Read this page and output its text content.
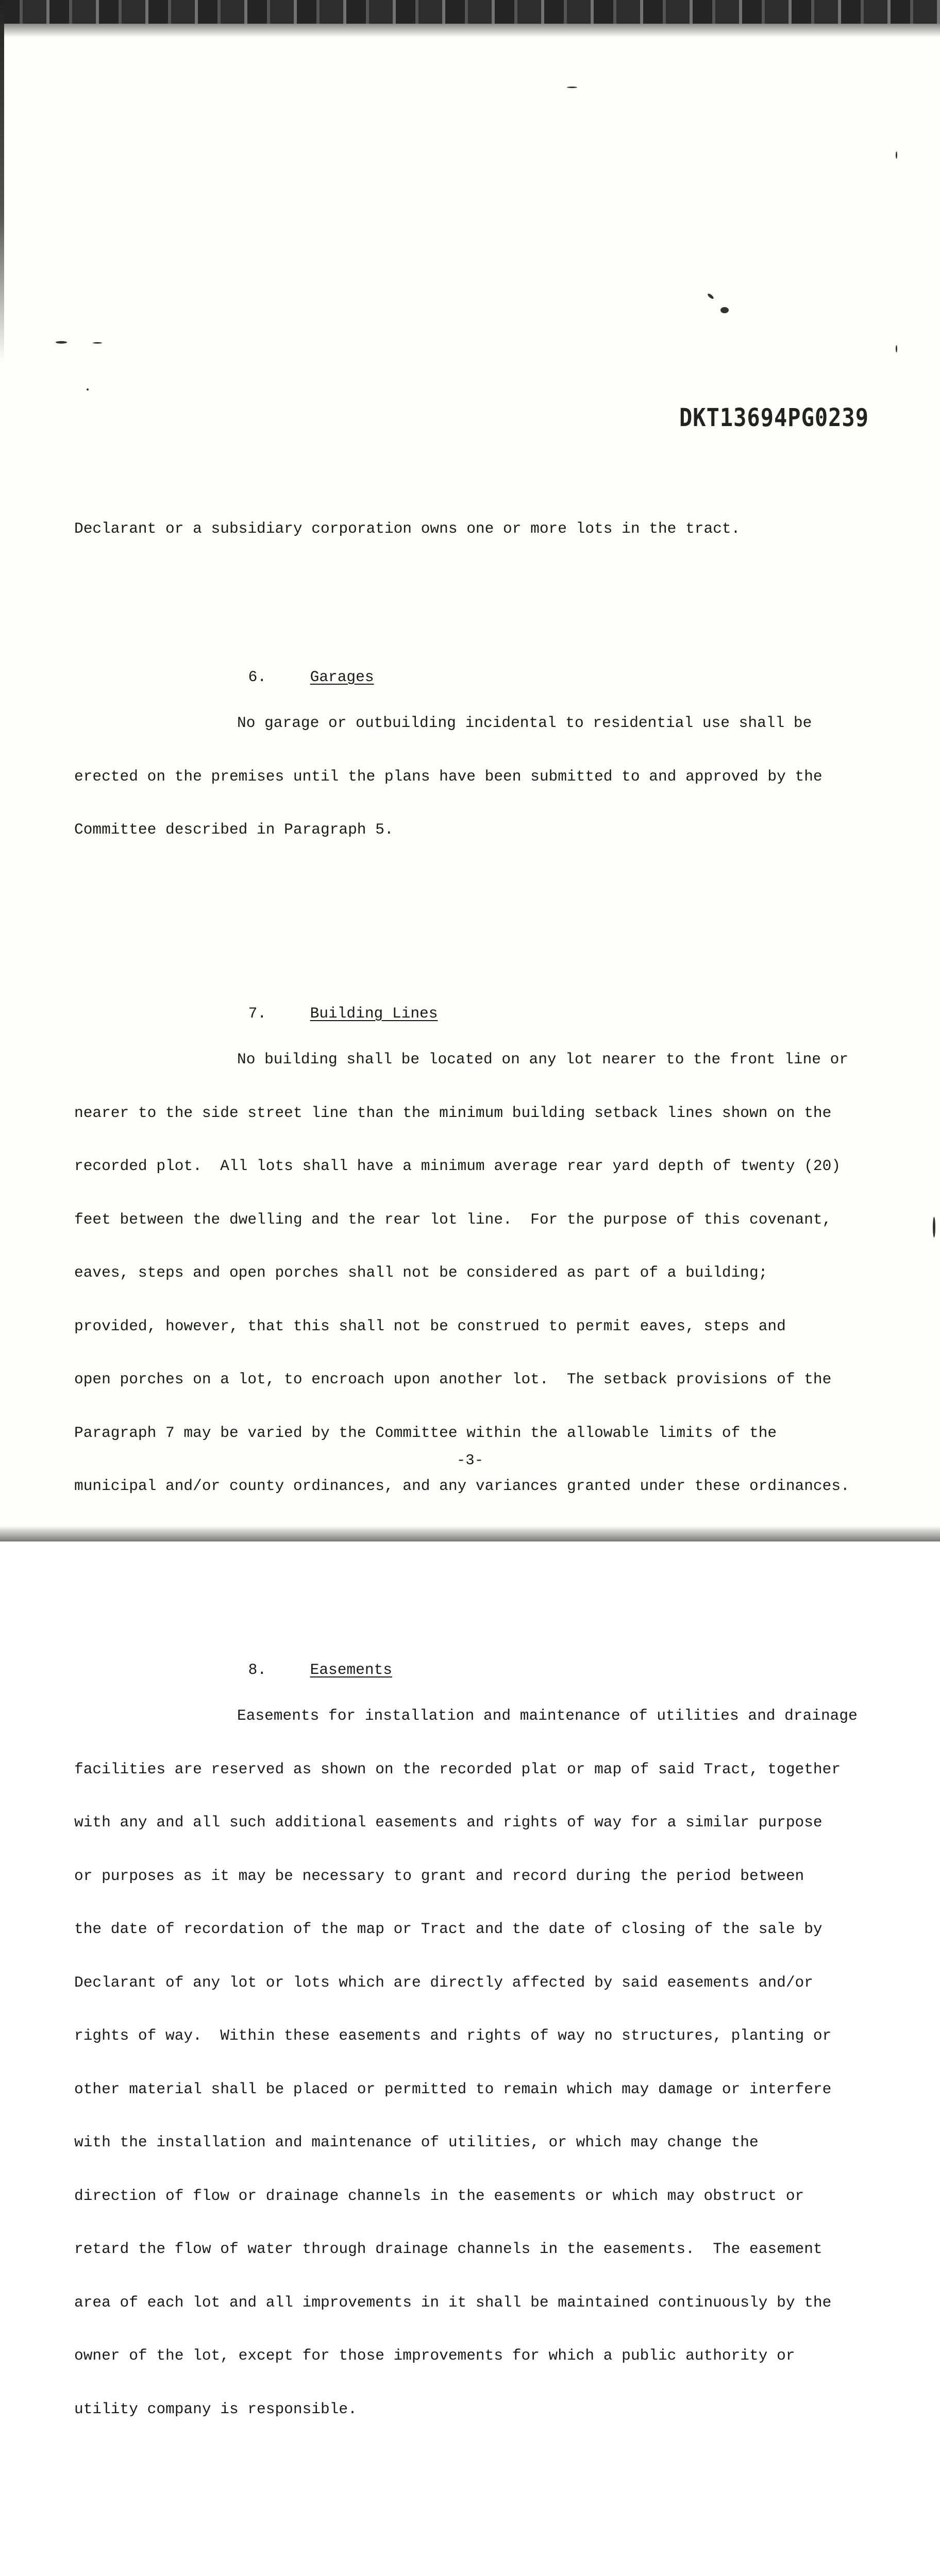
DKT13694PG0239

Declarant or a subsidiary corporation owns one or more lots in the tract.

6.	Garages

No garage or outbuilding incidental to residential use shall be

erected on the premises until the plans have been submitted to and approved by the

Committee described in Paragraph 5.

7.	Building Lines

No building shall be located on any lot nearer to the front line or

nearer to the side street line than the minimum building setback lines shown on the

recorded plot.  All lots shall have a minimum average rear yard depth of twenty (20)

feet between the dwelling and the rear lot line.  For the purpose of this covenant,

eaves, steps and open porches shall not be considered as part of a building;

provided, however, that this shall not be construed to permit eaves, steps and

open porches on a lot, to encroach upon another lot.  The setback provisions of the

Paragraph 7 may be varied by the Committee within the allowable limits of the

municipal and/or county ordinances, and any variances granted under these ordinances.

8.	Easements

Easements for installation and maintenance of utilities and drainage

facilities are reserved as shown on the recorded plat or map of said Tract, together

with any and all such additional easements and rights of way for a similar purpose

or purposes as it may be necessary to grant and record during the period between

the date of recordation of the map or Tract and the date of closing of the sale by

Declarant of any lot or lots which are directly affected by said easements and/or

rights of way.  Within these easements and rights of way no structures, planting or

other material shall be placed or permitted to remain which may damage or interfere

with the installation and maintenance of utilities, or which may change the

direction of flow or drainage channels in the easements or which may obstruct or

retard the flow of water through drainage channels in the easements.  The easement

area of each lot and all improvements in it shall be maintained continuously by the

owner of the lot, except for those improvements for which a public authority or

utility company is responsible.

-3-
